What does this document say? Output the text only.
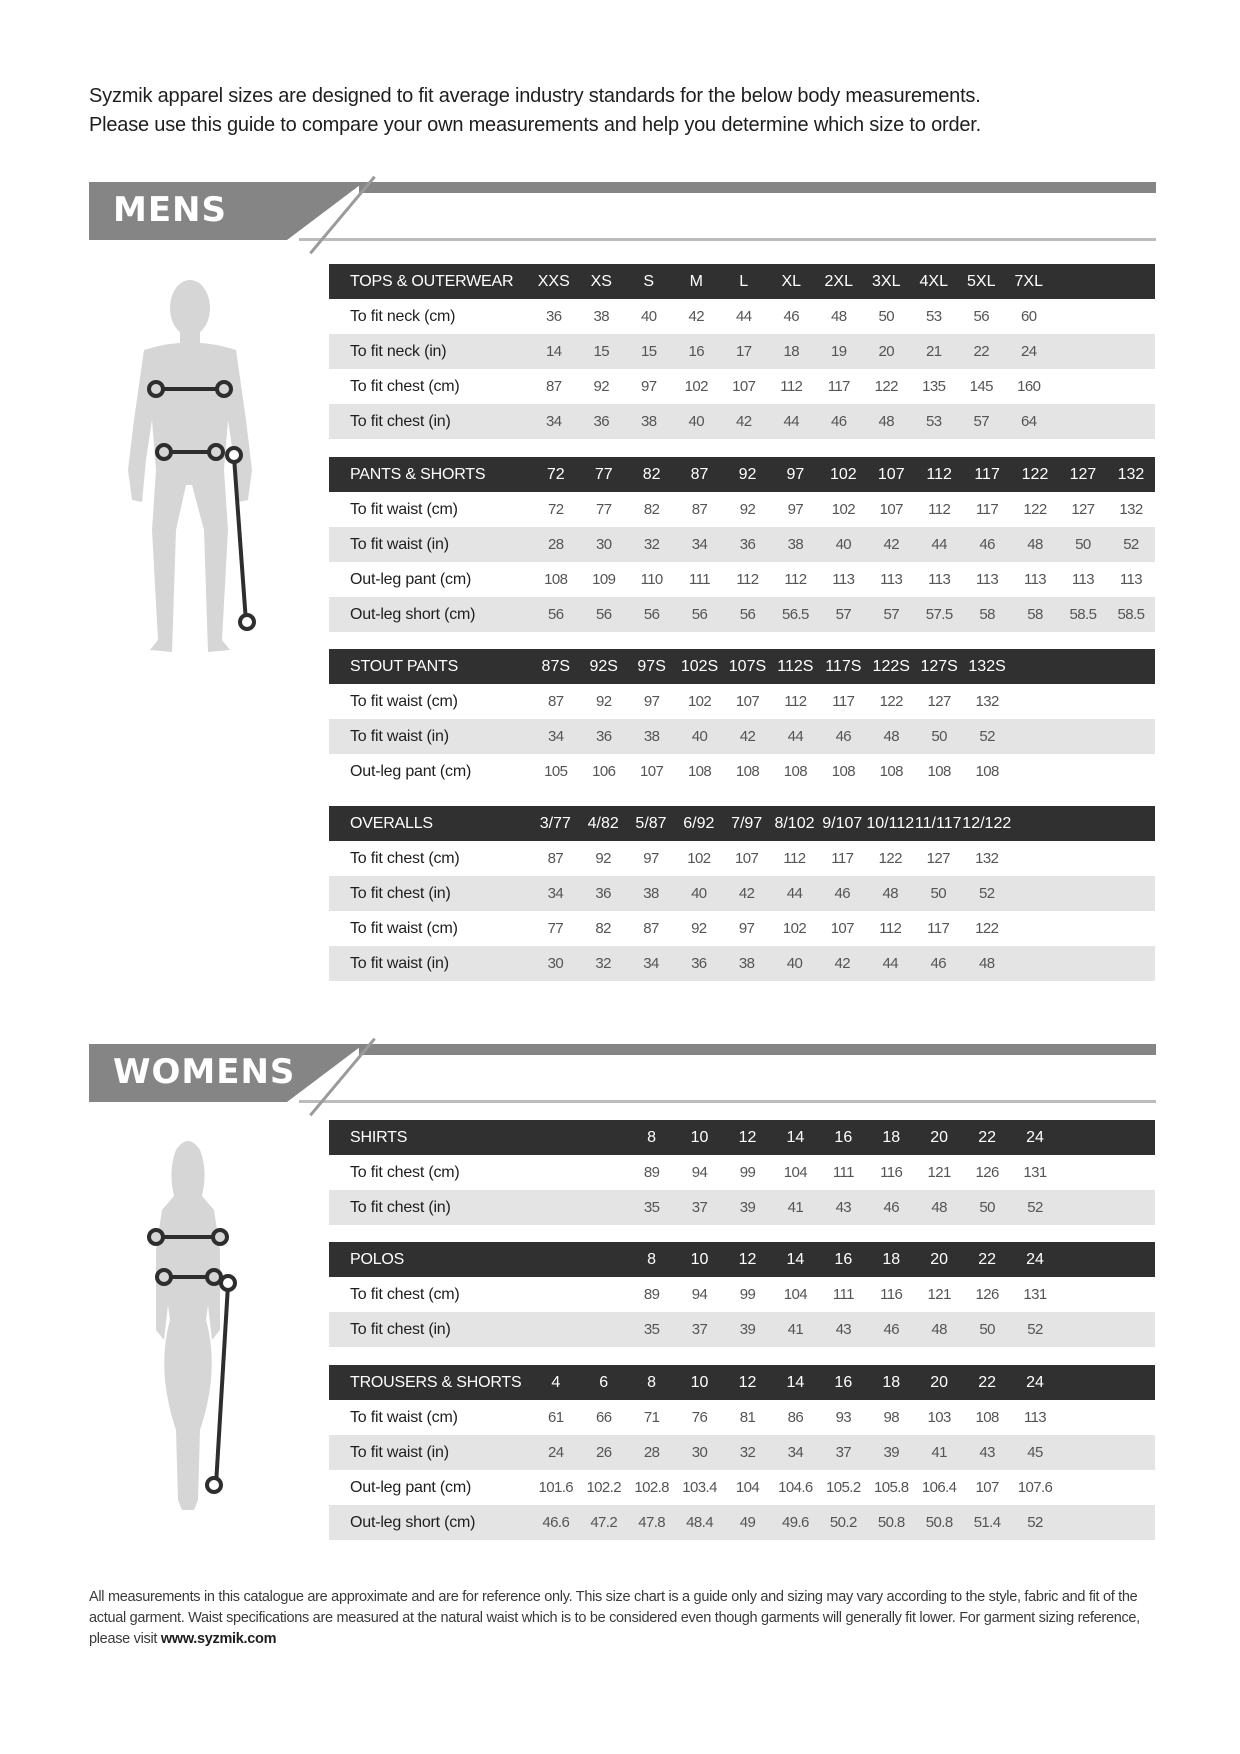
Syzmik apparel sizes are designed to fit average industry standards for the below body measurements.

Please use this guide to compare your own measurements and help you determine which size to order.

MENS
TOPS & OUTERWEAR	XXS	XS	S	M	L	XL	2XL	3XL	4XL	5XL	7XL		
To fit neck (cm)	36	38	40	42	44	46	48	50	53	56	60		
To fit neck (in)	14	15	15	16	17	18	19	20	21	22	24		
To fit chest (cm)	87	92	97	102	107	112	117	122	135	145	160		
To fit chest (in)	34	36	38	40	42	44	46	48	53	57	64		
PANTS & SHORTS	72	77	82	87	92	97	102	107	112	117	122	127	132
To fit waist (cm)	72	77	82	87	92	97	102	107	112	117	122	127	132
To fit waist (in)	28	30	32	34	36	38	40	42	44	46	48	50	52
Out-leg pant (cm)	108	109	110	111	112	112	113	113	113	113	113	113	113
Out-leg short (cm)	56	56	56	56	56	56.5	57	57	57.5	58	58	58.5	58.5
STOUT PANTS	87S	92S	97S	102S	107S	112S	117S	122S	127S	132S			
To fit waist (cm)	87	92	97	102	107	112	117	122	127	132			
To fit waist (in)	34	36	38	40	42	44	46	48	50	52			
Out-leg pant (cm)	105	106	107	108	108	108	108	108	108	108			
OVERALLS	3/77	4/82	5/87	6/92	7/97	8/102	9/107	10/112	11/117	12/122			
To fit chest (cm)	87	92	97	102	107	112	117	122	127	132			
To fit chest (in)	34	36	38	40	42	44	46	48	50	52			
To fit waist (cm)	77	82	87	92	97	102	107	112	117	122			
To fit waist (in)	30	32	34	36	38	40	42	44	46	48			
WOMENS
SHIRTS			8	10	12	14	16	18	20	22	24		
To fit chest (cm)			89	94	99	104	111	116	121	126	131		
To fit chest (in)			35	37	39	41	43	46	48	50	52		
POLOS			8	10	12	14	16	18	20	22	24		
To fit chest (cm)			89	94	99	104	111	116	121	126	131		
To fit chest (in)			35	37	39	41	43	46	48	50	52		
TROUSERS & SHORTS	4	6	8	10	12	14	16	18	20	22	24		
To fit waist (cm)	61	66	71	76	81	86	93	98	103	108	113		
To fit waist (in)	24	26	28	30	32	34	37	39	41	43	45		
Out-leg pant (cm)	101.6	102.2	102.8	103.4	104	104.6	105.2	105.8	106.4	107	107.6		
Out-leg short (cm)	46.6	47.2	47.8	48.4	49	49.6	50.2	50.8	50.8	51.4	52		
All measurements in this catalogue are approximate and are for reference only. This size chart is a guide only and sizing may vary according to the style, fabric and fit of the actual garment. Waist specifications are measured at the natural waist which is to be considered even though garments will generally fit lower. For garment sizing reference, please visit www.syzmik.com
